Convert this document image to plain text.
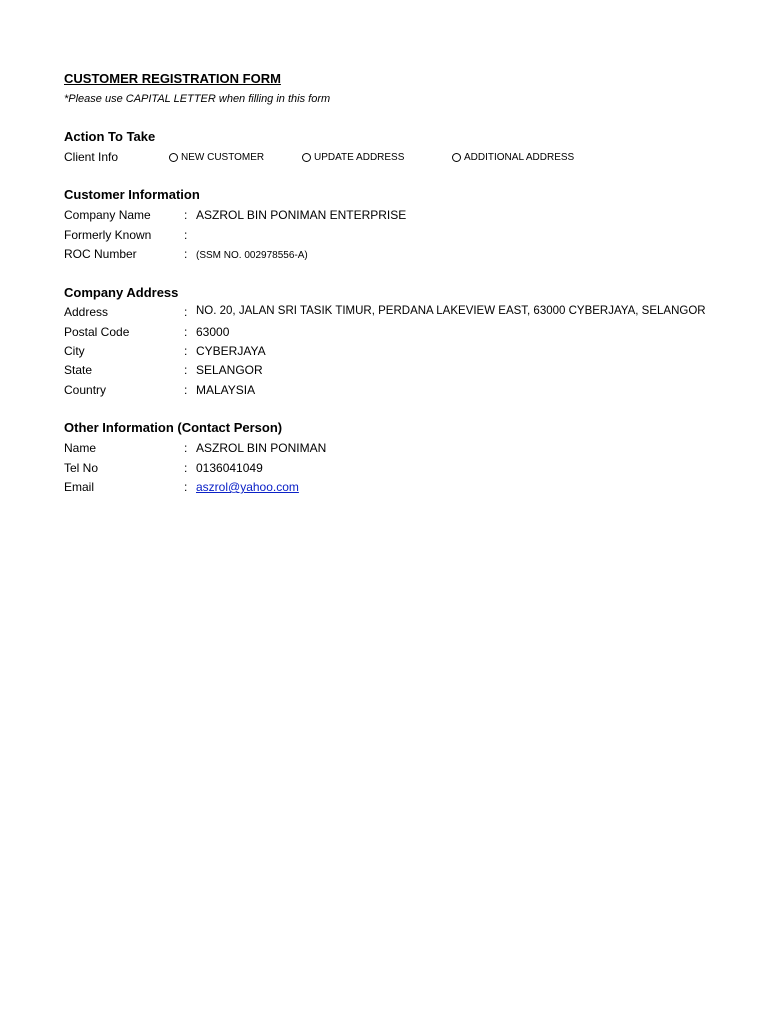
CUSTOMER REGISTRATION FORM
*Please use CAPITAL LETTER when filling in this form
Action To Take
Client Info	NEW CUSTOMER	UPDATE ADDRESS	ADDITIONAL ADDRESS
Customer Information
Company Name	: ASZROL BIN PONIMAN ENTERPRISE
Formerly Known	:
ROC Number	: (SSM NO. 002978556-A)
Company Address
Address	: NO. 20, JALAN SRI TASIK TIMUR, PERDANA LAKEVIEW EAST, 63000 CYBERJAYA, SELANGOR
Postal Code	: 63000
City	: CYBERJAYA
State	: SELANGOR
Country	: MALAYSIA
Other Information (Contact Person)
Name	: ASZROL BIN PONIMAN
Tel No	: 0136041049
Email	: aszrol@yahoo.com
